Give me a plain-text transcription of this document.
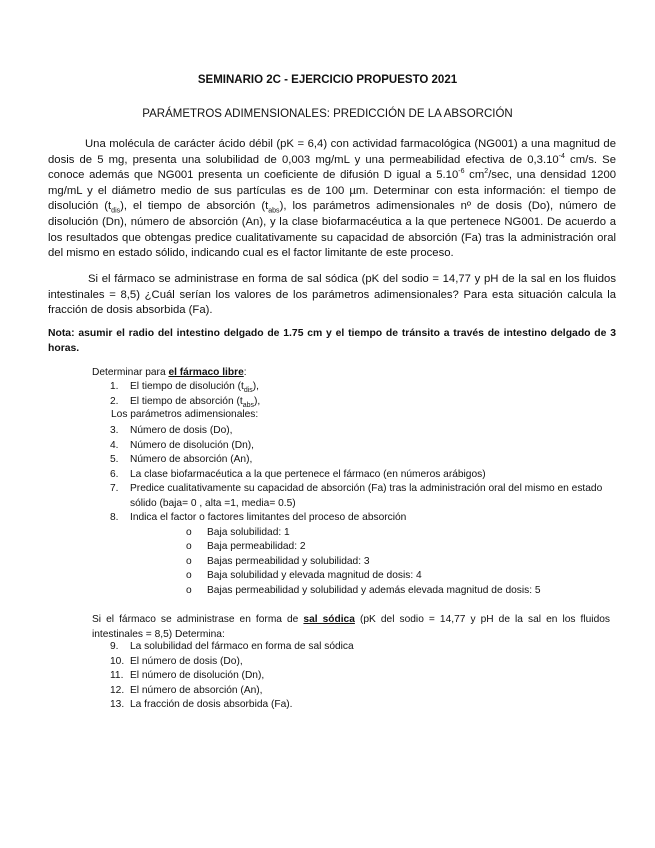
SEMINARIO 2C - EJERCICIO PROPUESTO 2021
PARÁMETROS ADIMENSIONALES: PREDICCIÓN DE LA ABSORCIÓN

Una molécula de carácter ácido débil (pK = 6,4) con actividad farmacológica (NG001) a una magnitud de dosis de 5 mg, presenta una solubilidad de 0,003 mg/mL y una permeabilidad efectiva de $0,3.10^{-4}$ cm/s. Se conoce además que NG001 presenta un coeficiente de difusión D igual a $5.10^{-6}$ $cm^2/\sec$, una densidad 1200 mg/mL y el diámetro medio de sus partículas es de 100 µm. Determinar con esta información: el tiempo de disolución $(t_{dis})$, el tiempo de absorción $(t_{abs})$, los parámetros adimensionales nº de dosis (Do), número de disolución (Dn), número de absorción (An), y la clase biofarmacéutica a la que pertenece NG001. De acuerdo a los resultados que obtengas predice cualitativamente su capacidad de absorción (Fa) tras la administración oral del mismo en estado sólido, indicando cual es el factor limitante de este proceso.

Si el fármaco se administrase en forma de sal sódica (pK del sodio = 14,77 y pH de la sal en los fluidos intestinales = 8,5) ¿Cuál serían los valores de los parámetros adimensionales? Para esta situación calcula la fracción de dosis absorbida (Fa).

Nota: asumir el radio del intestino delgado de 1.75 cm y el tiempo de tránsito a través de intestino delgado de 3 horas.

Determinar para el fármaco libre:
1.	El tiempo de disolución $(t_{dis})$,
2.	El tiempo de absorción $(t_{abs})$,
Los parámetros adimensionales:
3.	Número de dosis (Do),
4.	Número de disolución (Dn),
5.	Número de absorción (An),
6.	La clase biofarmacéutica a la que pertenece el fármaco (en números arábigos)
7.	Predice cualitativamente su capacidad de absorción (Fa) tras la administración oral del mismo en estado sólido (baja= 0 , alta =1, media= 0.5)
8.	Indica el factor o factores limitantes del proceso de absorción
o Baja solubilidad: 1
o Baja permeabilidad: 2
o Bajas permeabilidad y solubilidad: 3
o Baja solubilidad y elevada magnitud de dosis: 4
o Bajas permeabilidad y solubilidad y además elevada magnitud de dosis: 5

Si el fármaco se administrase en forma de sal sódica (pK del sodio = 14,77 y pH de la sal en los fluidos intestinales = 8,5) Determina:

9.	La solubilidad del fármaco en forma de sal sódica
10. El número de dosis (Do),
11. El número de disolución (Dn),
12. El número de absorción (An),
13. La fracción de dosis absorbida (Fa).
